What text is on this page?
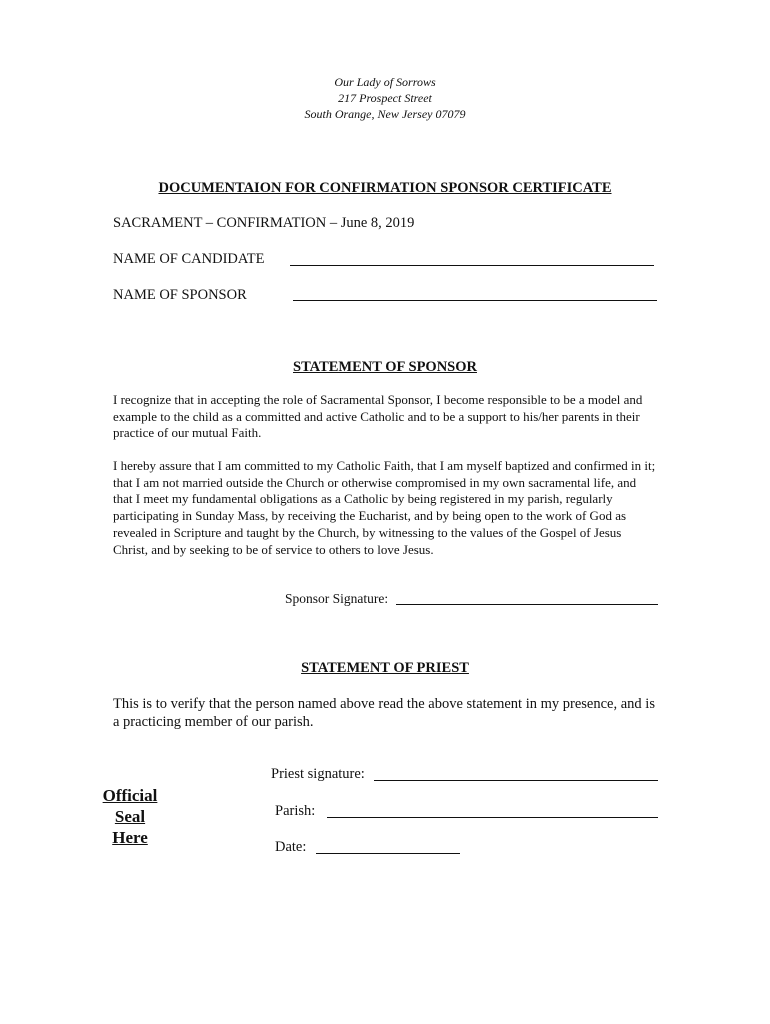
Our Lady of Sorrows
217 Prospect Street
South Orange, New Jersey 07079
DOCUMENTAION FOR CONFIRMATION SPONSOR CERTIFICATE
SACRAMENT – CONFIRMATION – June 8, 2019
NAME OF CANDIDATE
NAME OF SPONSOR
STATEMENT OF SPONSOR
I recognize that in accepting the role of Sacramental Sponsor, I become responsible to be a model and example to the child as a committed and active Catholic and to be a support to his/her parents in their practice of our mutual Faith.
I hereby assure that I am committed to my Catholic Faith, that I am myself baptized and confirmed in it; that I am not married outside the Church or otherwise compromised in my own sacramental life, and that I meet my fundamental obligations as a Catholic by being registered in my parish, regularly participating in Sunday Mass, by receiving the Eucharist, and by being open to the work of God as revealed in Scripture and taught by the Church, by witnessing to the values of the Gospel of Jesus Christ, and by seeking to be of service to others to love Jesus.
Sponsor Signature:
STATEMENT OF PRIEST
This is to verify that the person named above read the above statement in my presence, and is a practicing member of our parish.
Priest signature:
Parish:
Date:
Official
Seal
Here
